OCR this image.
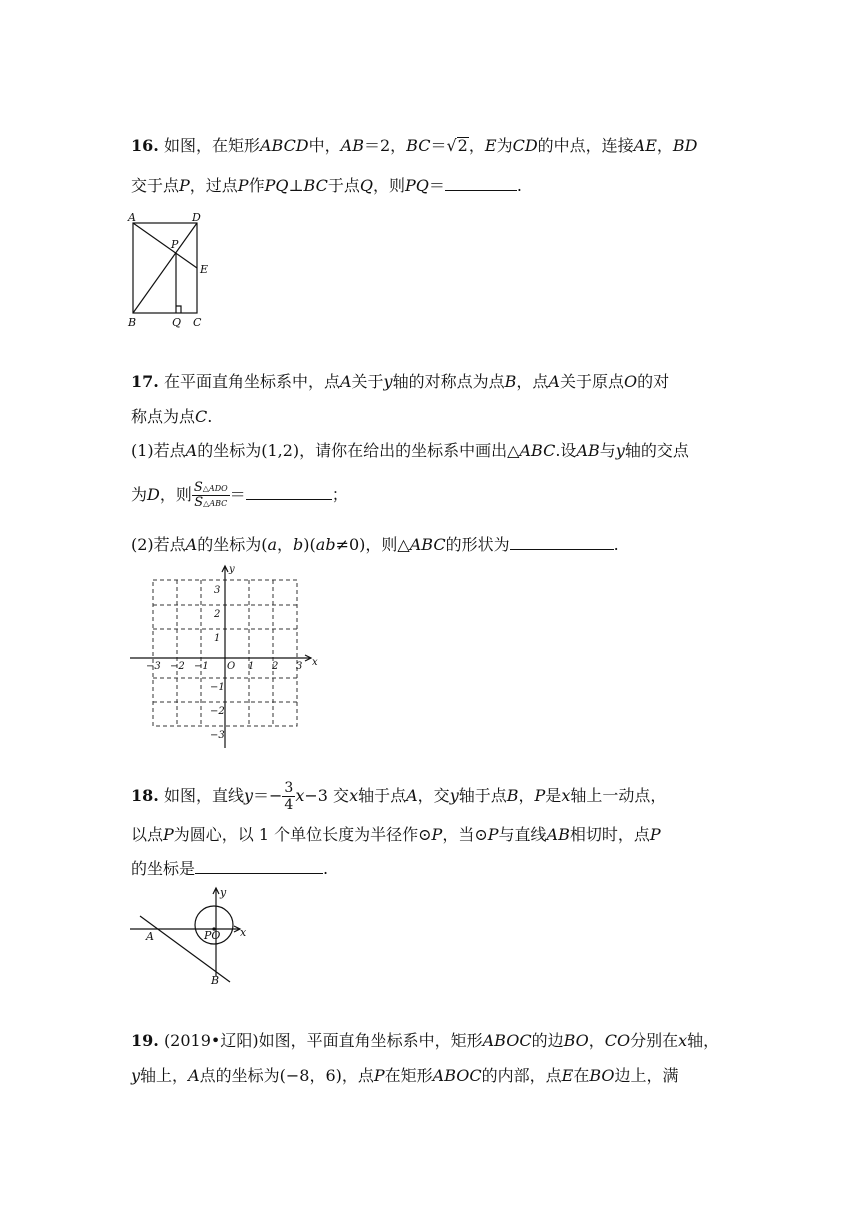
16. 如图，在矩形ABCD中，AB＝2，BC＝√2，E为CD的中点，连接AE，BD
交于点P，过点P作PQ⊥BC于点Q，则PQ＝	.
A	D
P
E
B	Q C
17. 在平面直角坐标系中，点A关于y轴的对称点为点B，点A关于原点O的对
称点为点C.
(1)若点A的坐标为(1,2)，请你在给出的坐标系中画出△ABC.设AB与y轴的交点
为D，则 $\frac{\text{S△ADO}}{\text{S△ABC}}$ ＝	；
(2)若点A的坐标为(a，b)(ab≠0)，则△ABC的形状为	.
−3 −2 −1 O 1 2 3
3
2
1
−1
−2
−3
x
y
18. 如图，直线$y=- \frac{3}{4} x-3$ 交x轴于点A，交y轴于点B，P是x轴上一动点，
以点P为圆心，以 1 个单位长度为半径作⊙P，当⊙P与直线AB相切时，点P
的坐标是	.
y
x
A	PO
B
19. (2019•辽阳)如图，平面直角坐标系中，矩形ABOC的边BO，CO分别在x轴，
y轴上，A点的坐标为(−8，6)，点P在矩形ABOC的内部，点E在BO边上，满
